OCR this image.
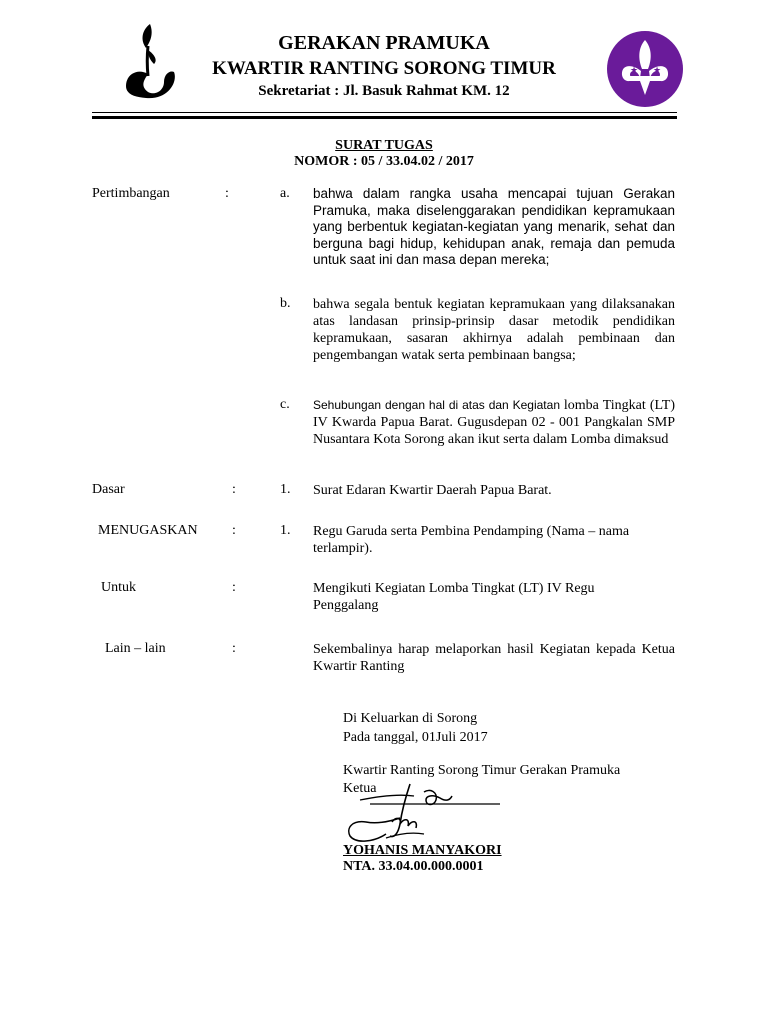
★ ★
GERAKAN PRAMUKA
KWARTIR RANTING SORONG TIMUR
Sekretariat : Jl. Basuk Rahmat KM. 12
SURAT TUGAS
NOMOR : 05 / 33.04.02 / 2017
Pertimbangan	:	a. bahwa dalam rangka usaha mencapai tujuan Gerakan Pramuka, maka diselenggarakan pendidikan kepramukaan yang berbentuk kegiatan-kegiatan yang menarik, sehat dan berguna bagi hidup, kehidupan anak, remaja dan pemuda untuk saat ini dan masa depan mereka;
b. bahwa segala bentuk kegiatan kepramukaan yang dilaksanakan atas landasan prinsip-prinsip dasar metodik pendidikan kepramukaan, sasaran akhirnya adalah pembinaan dan pengembangan watak serta pembinaan bangsa;
c. Sehubungan dengan hal di atas dan Kegiatan lomba Tingkat (LT) IV Kwarda Papua Barat. Gugusdepan 02 - 001 Pangkalan SMP Nusantara Kota Sorong akan ikut serta dalam Lomba dimaksud
Dasar	:	1. Surat Edaran Kwartir Daerah Papua Barat.
MENUGASKAN :	1. Regu Garuda serta Pembina Pendamping (Nama – nama terlampir).
Untuk	:	Mengikuti Kegiatan Lomba Tingkat (LT) IV Regu Penggalang
Lain – lain	:	Sekembalinya harap melaporkan hasil Kegiatan kepada Ketua Kwartir Ranting
Di Keluarkan di Sorong
Pada tanggal, 01Juli 2017
Kwartir Ranting Sorong Timur Gerakan Pramuka
Ketua
YOHANIS MANYAKORI
NTA. 33.04.00.000.0001
